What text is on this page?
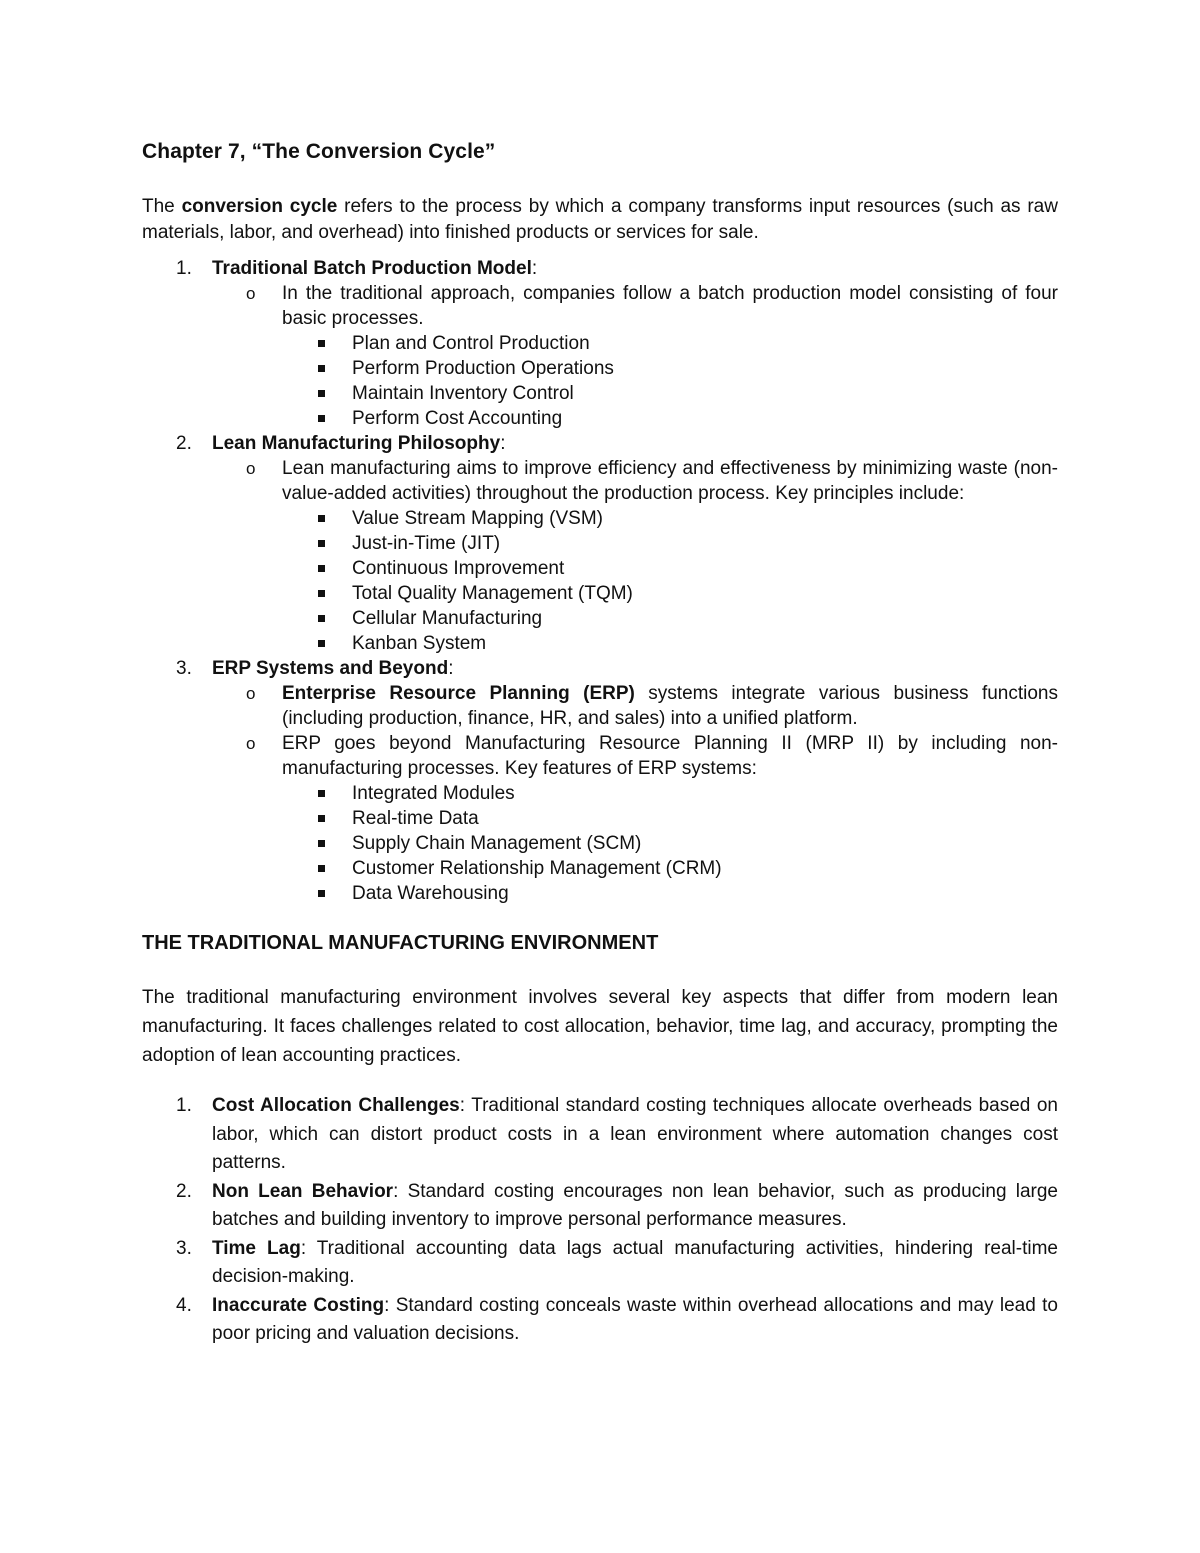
Chapter 7, “The Conversion Cycle”

The conversion cycle refers to the process by which a company transforms input resources (such as raw materials, labor, and overhead) into finished products or services for sale.

1. Traditional Batch Production Model:
o In the traditional approach, companies follow a batch production model consisting of four basic processes.
Plan and Control Production
Perform Production Operations
Maintain Inventory Control
Perform Cost Accounting
2. Lean Manufacturing Philosophy:
o Lean manufacturing aims to improve efficiency and effectiveness by minimizing waste (non-value-added activities) throughout the production process. Key principles include:
Value Stream Mapping (VSM)
Just-in-Time (JIT)
Continuous Improvement
Total Quality Management (TQM)
Cellular Manufacturing
Kanban System
3. ERP Systems and Beyond:
o Enterprise Resource Planning (ERP) systems integrate various business functions (including production, finance, HR, and sales) into a unified platform.
o ERP goes beyond Manufacturing Resource Planning II (MRP II) by including non-manufacturing processes. Key features of ERP systems:
Integrated Modules
Real-time Data
Supply Chain Management (SCM)
Customer Relationship Management (CRM)
Data Warehousing
THE TRADITIONAL MANUFACTURING ENVIRONMENT

The traditional manufacturing environment involves several key aspects that differ from modern lean manufacturing. It faces challenges related to cost allocation, behavior, time lag, and accuracy, prompting the adoption of lean accounting practices.

1. Cost Allocation Challenges: Traditional standard costing techniques allocate overheads based on labor, which can distort product costs in a lean environment where automation changes cost patterns.
2. Non Lean Behavior: Standard costing encourages non lean behavior, such as producing large batches and building inventory to improve personal performance measures.
3. Time Lag: Traditional accounting data lags actual manufacturing activities, hindering real-time decision-making.
4. Inaccurate Costing: Standard costing conceals waste within overhead allocations and may lead to poor pricing and valuation decisions.
